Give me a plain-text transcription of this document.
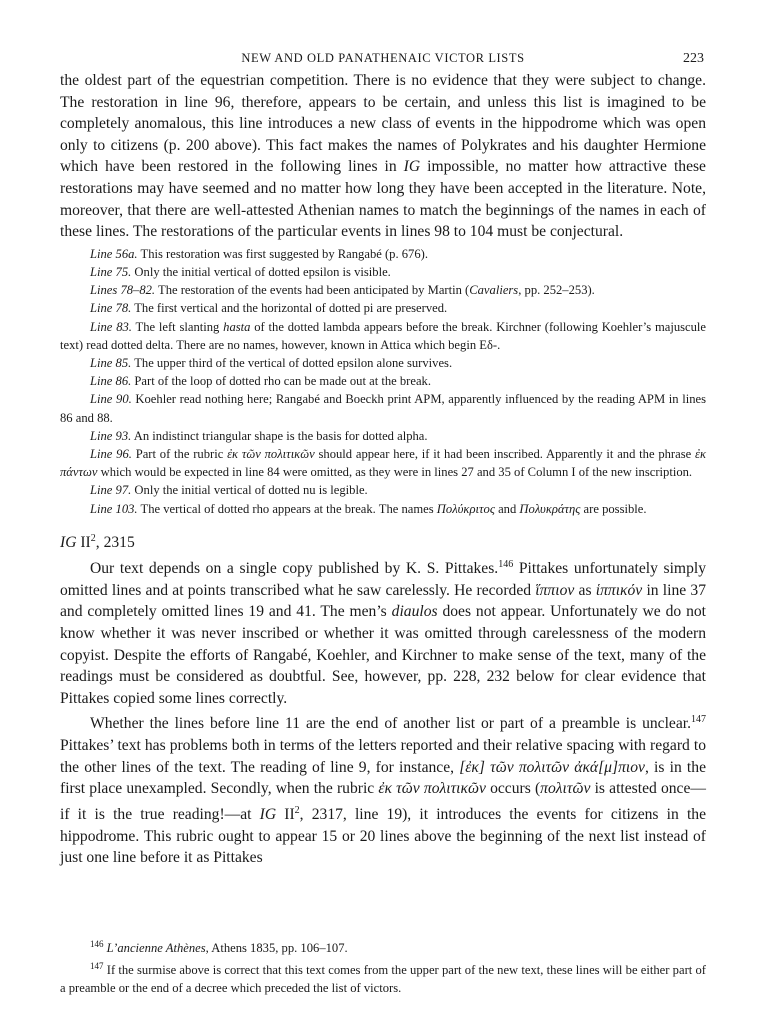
NEW AND OLD PANATHENAIC VICTOR LISTS	223

the oldest part of the equestrian competition. There is no evidence that they were subject to change. The restoration in line 96, therefore, appears to be certain, and unless this list is imagined to be completely anomalous, this line introduces a new class of events in the hippodrome which was open only to citizens (p. 200 above). This fact makes the names of Polykrates and his daughter Hermione which have been restored in the following lines in IG impossible, no matter how attractive these restorations may have seemed and no matter how long they have been accepted in the literature. Note, moreover, that there are well-attested Athenian names to match the beginnings of the names in each of these lines. The restorations of the particular events in lines 98 to 104 must be conjectural.

Line 56a. This restoration was first suggested by Rangabé (p. 676).

Line 75. Only the initial vertical of dotted epsilon is visible.

Lines 78–82. The restoration of the events had been anticipated by Martin (Cavaliers, pp. 252–253).

Line 78. The first vertical and the horizontal of dotted pi are preserved.

Line 83. The left slanting hasta of the dotted lambda appears before the break. Kirchner (following Koehler’s majuscule text) read dotted delta. There are no names, however, known in Attica which begin Eδ-.

Line 85. The upper third of the vertical of dotted epsilon alone survives.

Line 86. Part of the loop of dotted rho can be made out at the break.

Line 90. Koehler read nothing here; Rangabé and Boeckh print APM, apparently influenced by the reading APM in lines 86 and 88.

Line 93. An indistinct triangular shape is the basis for dotted alpha.

Line 96. Part of the rubric ἐκ τῶν πολιτικῶν should appear here, if it had been inscribed. Apparently it and the phrase ἐκ πάντων which would be expected in line 84 were omitted, as they were in lines 27 and 35 of Column I of the new inscription.

Line 97. Only the initial vertical of dotted nu is legible.

Line 103. The vertical of dotted rho appears at the break. The names Πολύκριτος and Πολυκράτης are possible.

IG $II^2$, 2315

Our text depends on a single copy published by K. S. Pittakes.$^{146}$ Pittakes unfortunately simply omitted lines and at points transcribed what he saw carelessly. He recorded ἵππιον as ἱππικόν in line 37 and completely omitted lines 19 and 41. The men’s diaulos does not appear. Unfortunately we do not know whether it was never inscribed or whether it was omitted through carelessness of the modern copyist. Despite the efforts of Rangabé, Koehler, and Kirchner to make sense of the text, many of the readings must be considered as doubtful. See, however, pp. 228, 232 below for clear evidence that Pittakes copied some lines correctly.

Whether the lines before line 11 are the end of another list or part of a preamble is unclear.$^{147}$ Pittakes’ text has problems both in terms of the letters reported and their relative spacing with regard to the other lines of the text. The reading of line 9, for instance, [ἐκ] τῶν πολιτῶν ἀκά[μ]πιον, is in the first place unexampled. Secondly, when the rubric ἐκ τῶν πολιτικῶν occurs (πολιτῶν is attested once—if it is the true reading!—at IG $II^2$, 2317, line 19), it introduces the events for citizens in the hippodrome. This rubric ought to appear 15 or 20 lines above the beginning of the next list instead of just one line before it as Pittakes

$^{146}$ L’ancienne Athènes, Athens 1835, pp. 106–107.

$^{147}$ If the surmise above is correct that this text comes from the upper part of the new text, these lines will be either part of a preamble or the end of a decree which preceded the list of victors.
